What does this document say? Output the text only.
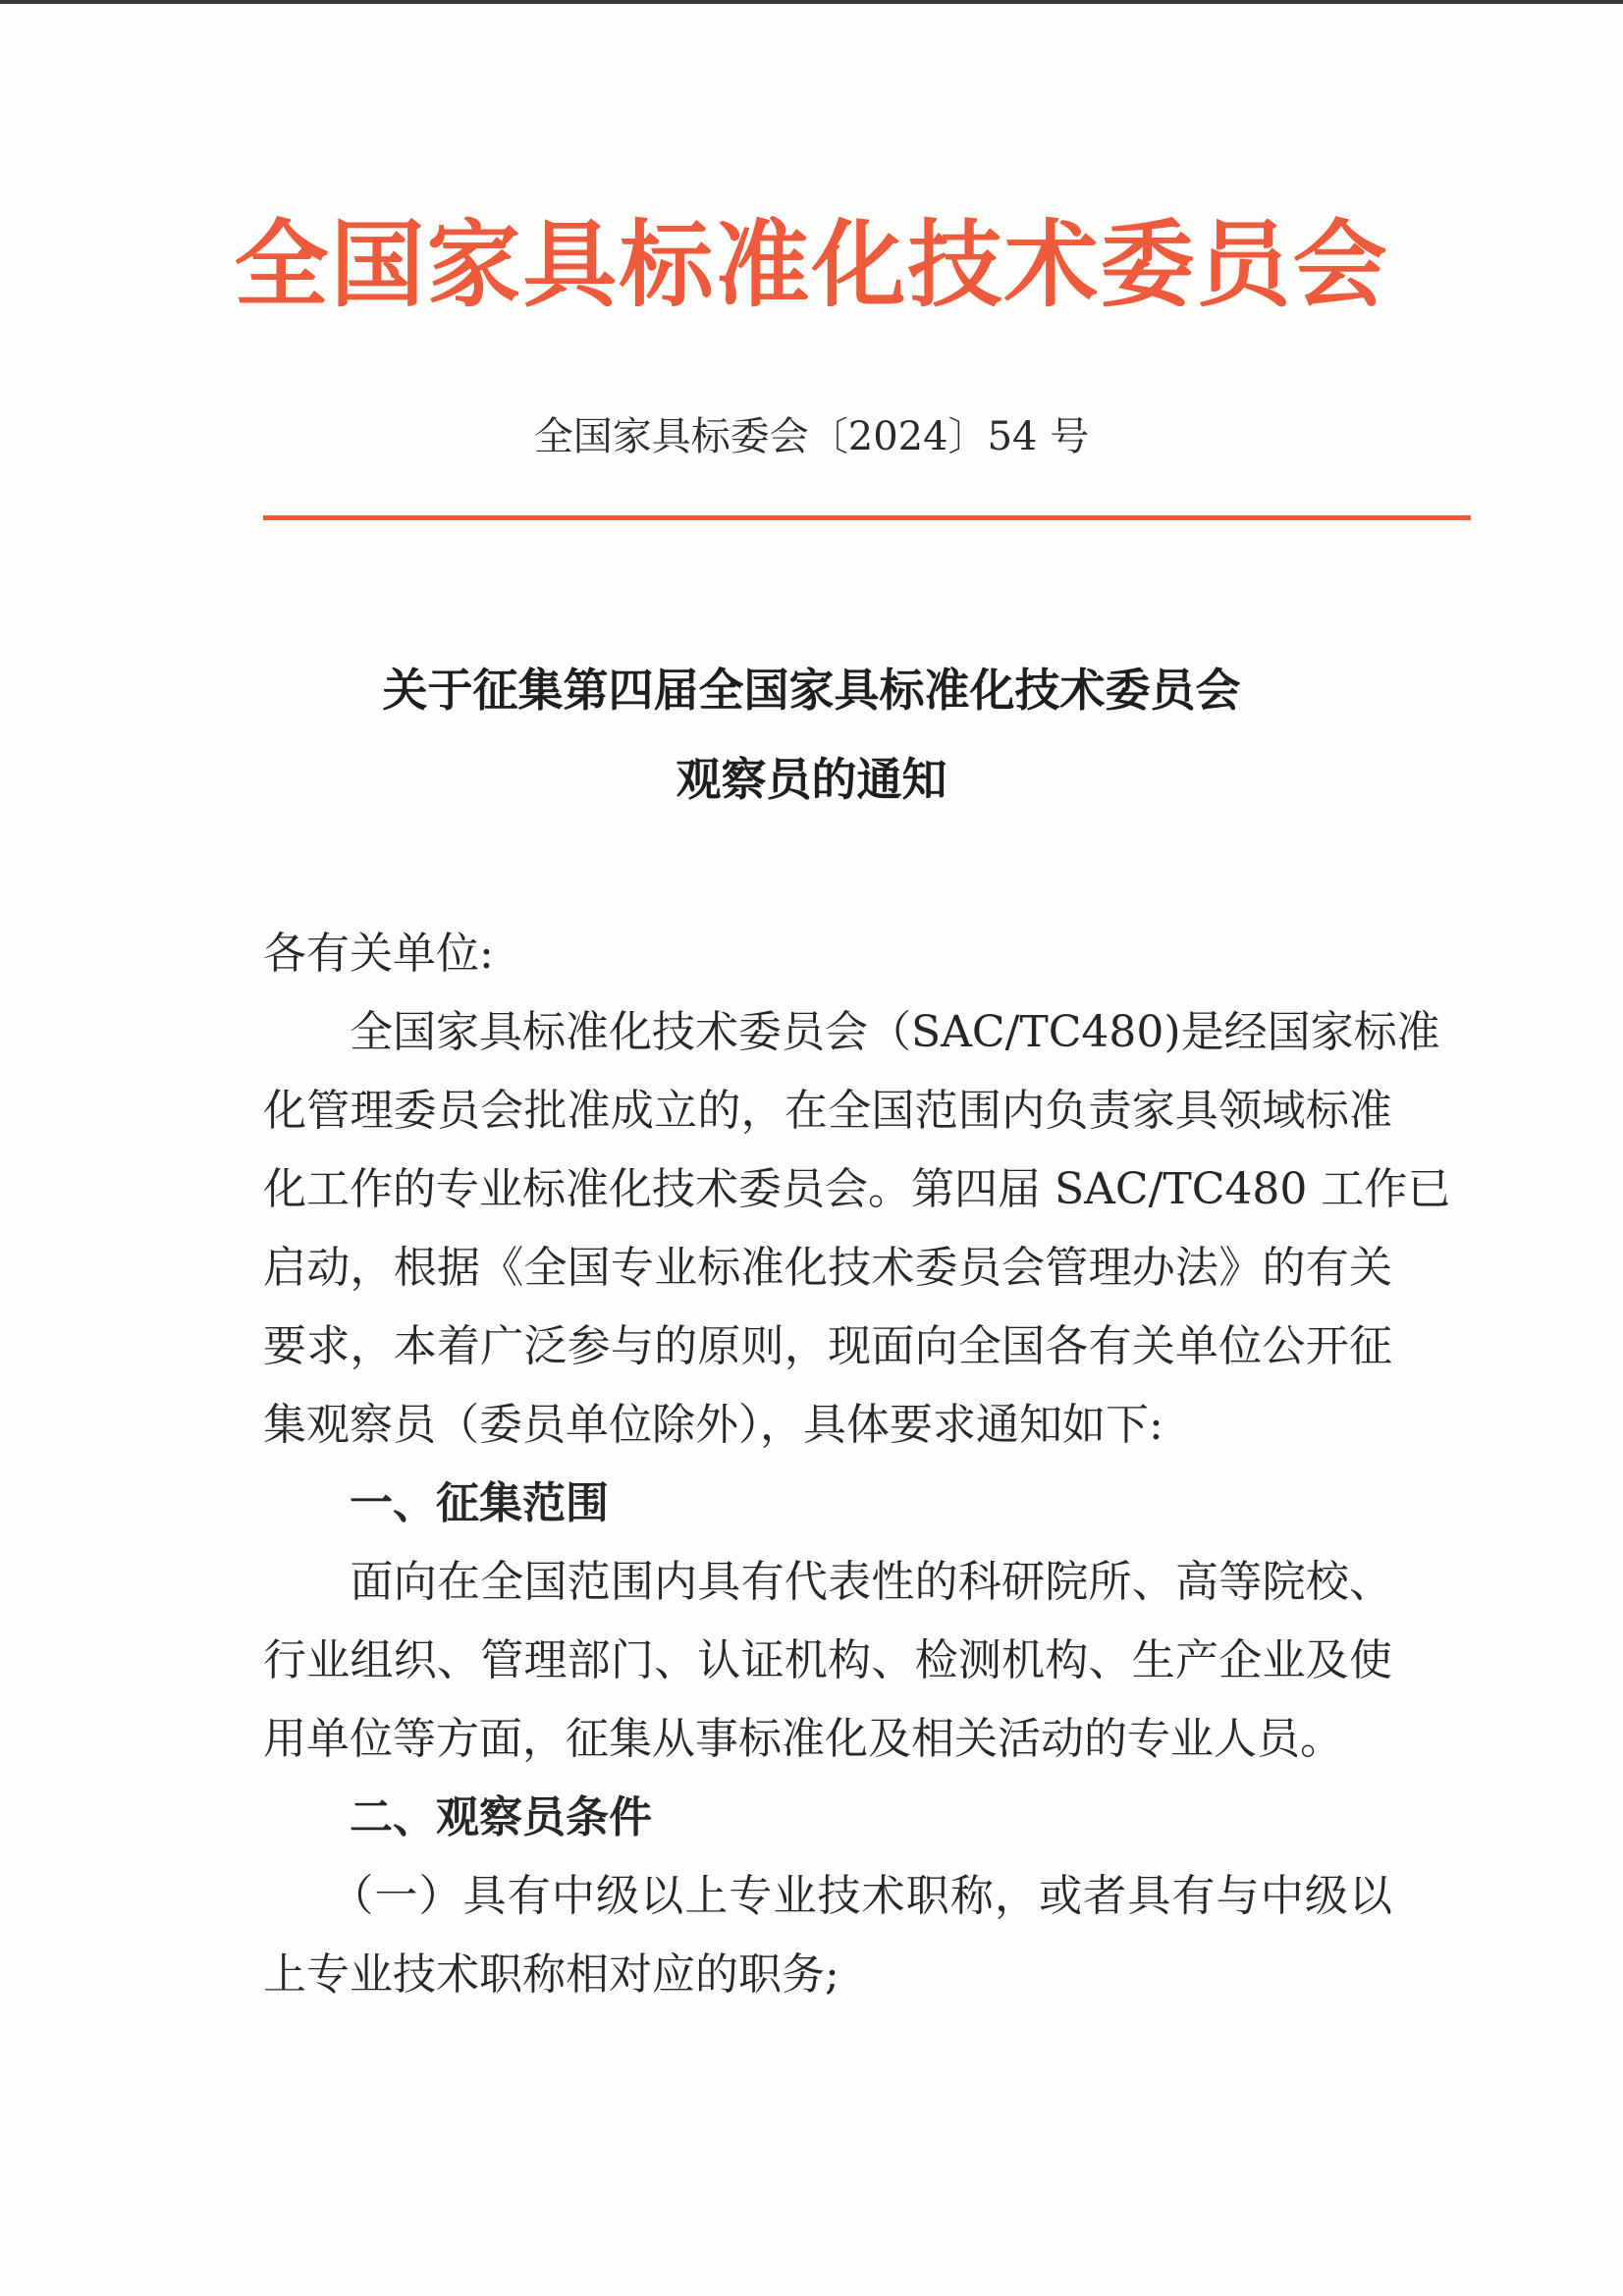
全国家具标准化技术委员会
全国家具标委会〔2024〕54 号
关于征集第四届全国家具标准化技术委员会
观察员的通知
各有关单位:
　　全国家具标准化技术委员会（SAC/TC480)是经国家标准
化管理委员会批准成立的，在全国范围内负责家具领域标准
化工作的专业标准化技术委员会。第四届 SAC/TC480 工作已
启动，根据《全国专业标准化技术委员会管理办法》的有关
要求，本着广泛参与的原则，现面向全国各有关单位公开征
集观察员（委员单位除外），具体要求通知如下:
　　一、征集范围
　　面向在全国范围内具有代表性的科研院所、高等院校、
行业组织、管理部门、认证机构、检测机构、生产企业及使
用单位等方面，征集从事标准化及相关活动的专业人员。
　　二、观察员条件
　　（一）具有中级以上专业技术职称，或者具有与中级以
上专业技术职称相对应的职务;
